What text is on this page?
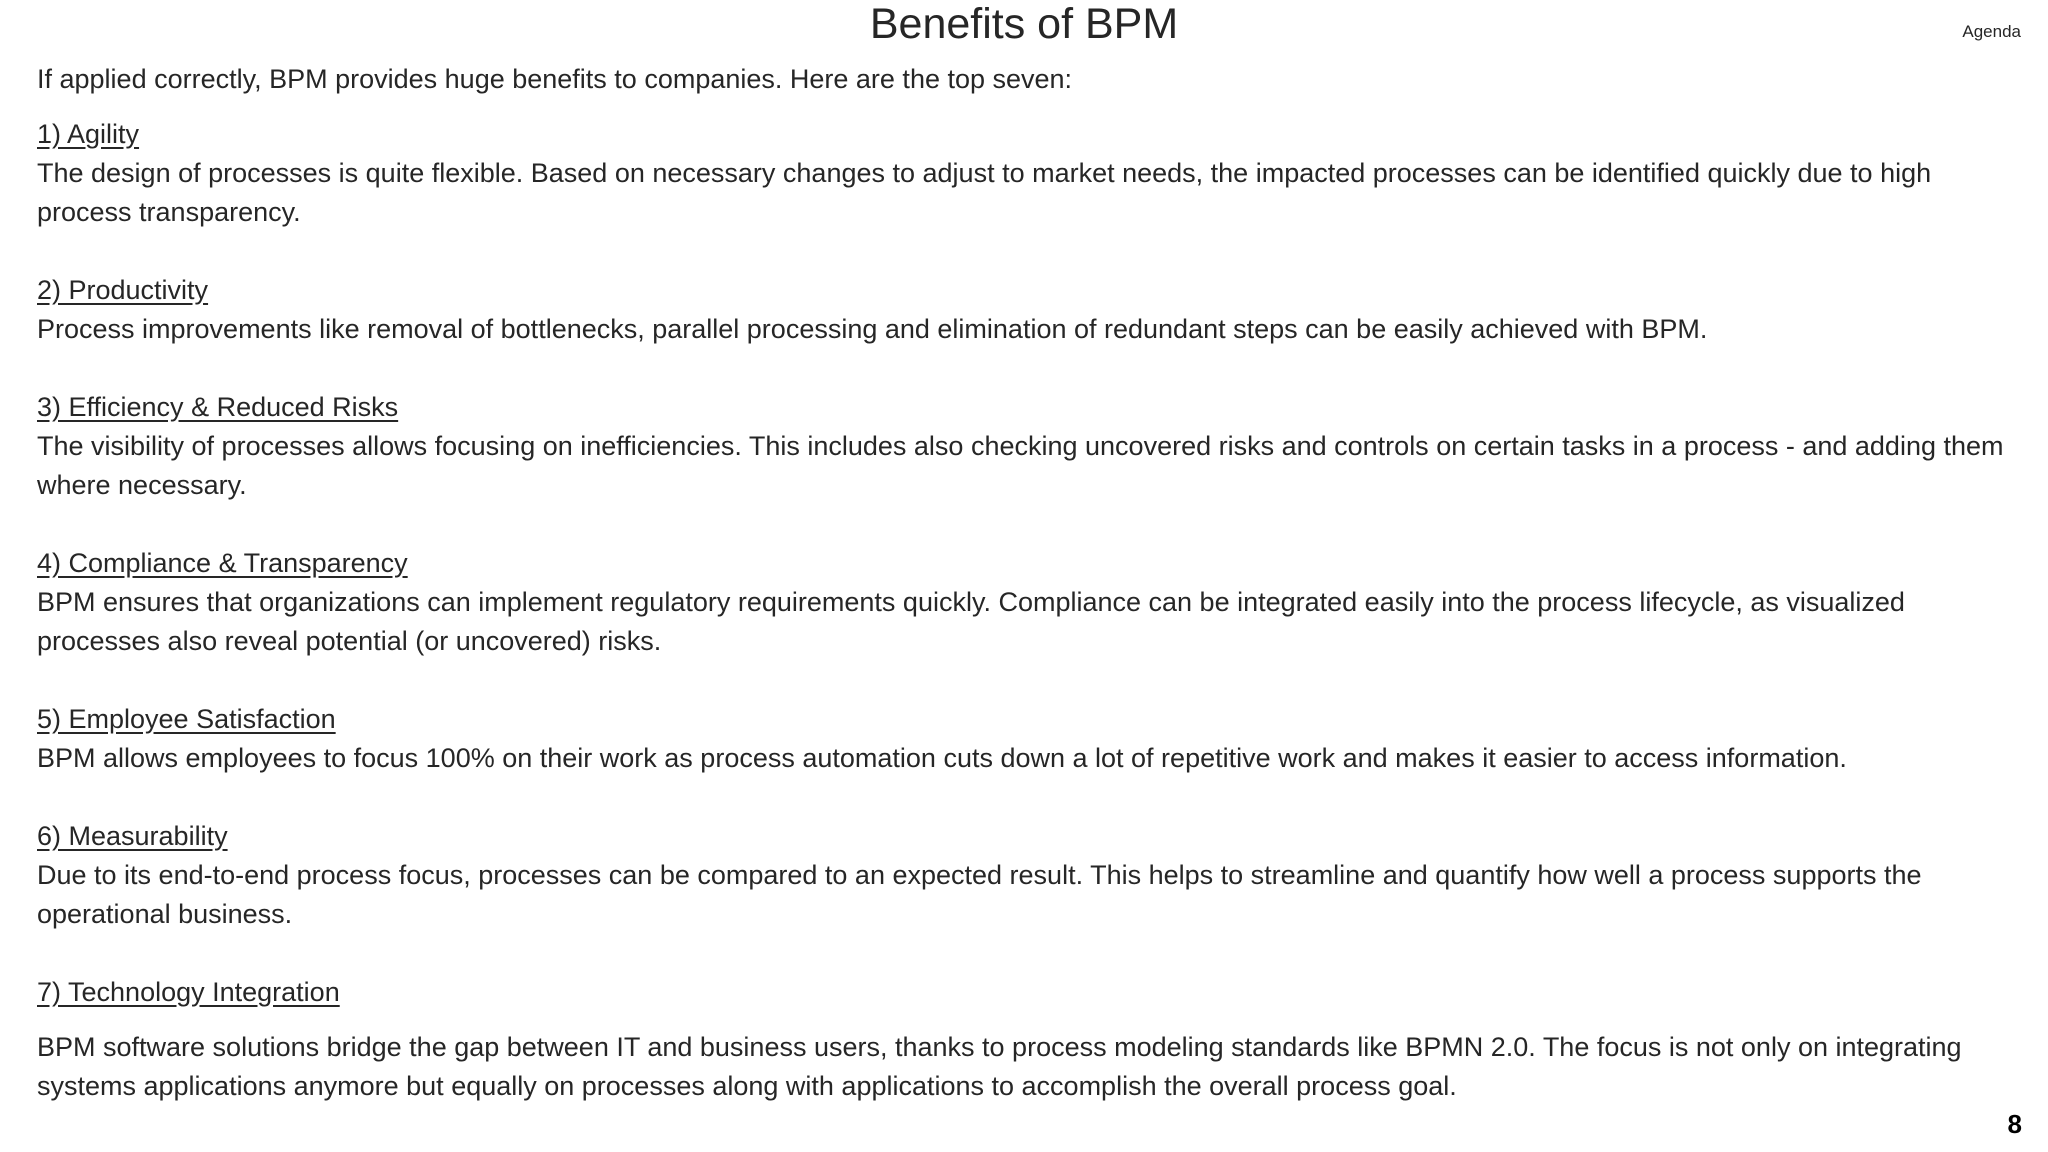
Benefits of BPM	Agenda

If applied correctly, BPM provides huge benefits to companies. Here are the top seven:

1) Agility

The design of processes is quite flexible. Based on necessary changes to adjust to market needs, the impacted processes can be identified quickly due to high process transparency.

2) Productivity

Process improvements like removal of bottlenecks, parallel processing and elimination of redundant steps can be easily achieved with BPM.

3) Efficiency & Reduced Risks

The visibility of processes allows focusing on inefficiencies. This includes also checking uncovered risks and controls on certain tasks in a process - and adding them where necessary.

4) Compliance & Transparency

BPM ensures that organizations can implement regulatory requirements quickly. Compliance can be integrated easily into the process lifecycle, as visualized processes also reveal potential (or uncovered) risks.

5) Employee Satisfaction

BPM allows employees to focus 100% on their work as process automation cuts down a lot of repetitive work and makes it easier to access information.

6) Measurability

Due to its end-to-end process focus, processes can be compared to an expected result. This helps to streamline and quantify how well a process supports the operational business.

7) Technology Integration

BPM software solutions bridge the gap between IT and business users, thanks to process modeling standards like BPMN 2.0. The focus is not only on integrating systems applications anymore but equally on processes along with applications to accomplish the overall process goal.

8
